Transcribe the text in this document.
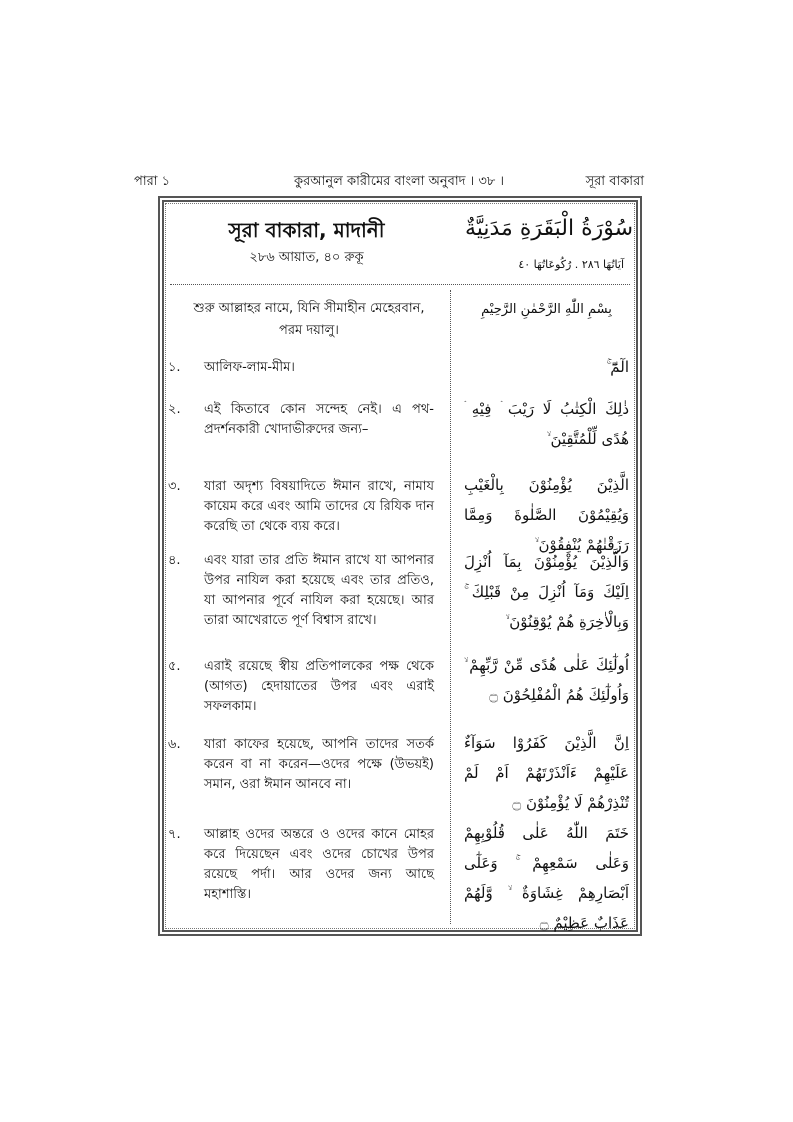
পারা ১	কুরআনুল কারীমের বাংলা অনুবাদ । ৩৮ ।	সূরা বাকারা
সূরা বাকারা, মাদানী
২৮৬ আয়াত, ৪০ রুকূ
سُوْرَةُ الْبَقَرَةِ مَدَنِيَّةٌ
آيَاتُهَا ٢٨٦ . رُكُوعَاتُهَا ٤٠
শুরু আল্লাহর নামে, যিনি সীমাহীন মেহেরবান, পরম দয়ালু।
بِسْمِ اللّٰهِ الرَّحْمٰنِ الرَّحِيْمِ
১. আলিফ-লাম-মীম।	الٓمّٓ ۚ
২. এই কিতাবে কোন সন্দেহ নেই। এ পথ-প্রদর্শনকারী খোদাভীরুদের জন্য–
ذٰلِكَ الْكِتٰبُ لَا رَيْبَ ۛ فِيْهِ ۛ هُدًى لِّلْمُتَّقِيْنَ ۙ
৩. যারা অদৃশ্য বিষয়াদিতে ঈমান রাখে, নামায কায়েম করে এবং আমি তাদের যে রিযিক দান করেছি তা থেকে ব্যয় করে।
الَّذِيْنَ يُؤْمِنُوْنَ بِالْغَيْبِ وَيُقِيْمُوْنَ الصَّلٰوةَ وَمِمَّا رَزَقْنٰهُمْ يُنْفِقُوْنَ ۙ
৪. এবং যারা তার প্রতি ঈমান রাখে যা আপনার উপর নাযিল করা হয়েছে এবং তার প্রতিও, যা আপনার পূর্বে নাযিল করা হয়েছে। আর তারা আখেরাতে পূর্ণ বিশ্বাস রাখে।
وَالَّذِيْنَ يُؤْمِنُوْنَ بِمَآ اُنْزِلَ اِلَيْكَ وَمَآ اُنْزِلَ مِنْ قَبْلِكَ ۚ وَبِالْاٰخِرَةِ هُمْ يُوْقِنُوْنَ ۙ
৫. এরাই রয়েছে স্বীয় প্রতিপালকের পক্ষ থেকে (আগত) হেদায়াতের উপর এবং এরাই সফলকাম।
اُولٰٓئِكَ عَلٰى هُدًى مِّنْ رَّبِّهِمْ ۙ وَاُولٰٓئِكَ هُمُ الْمُفْلِحُوْنَ ۝
৬. যারা কাফের হয়েছে, আপনি তাদের সতর্ক করেন বা না করেন—ওদের পক্ষে (উভয়ই) সমান, ওরা ঈমান আনবে না।
اِنَّ الَّذِيْنَ كَفَرُوْا سَوَآءٌ عَلَيْهِمْ ءَاَنْذَرْتَهُمْ اَمْ لَمْ تُنْذِرْهُمْ لَا يُؤْمِنُوْنَ ۝
৭. আল্লাহ ওদের অন্তরে ও ওদের কানে মোহর করে দিয়েছেন এবং ওদের চোখের উপর রয়েছে পর্দা। আর ওদের জন্য আছে মহাশাস্তি।
خَتَمَ اللّٰهُ عَلٰى قُلُوْبِهِمْ وَعَلٰى سَمْعِهِمْ ۚ وَعَلٰٓى اَبْصَارِهِمْ غِشَاوَةٌ ۙ وَّلَهُمْ عَذَابٌ عَظِيْمٌ ۝
